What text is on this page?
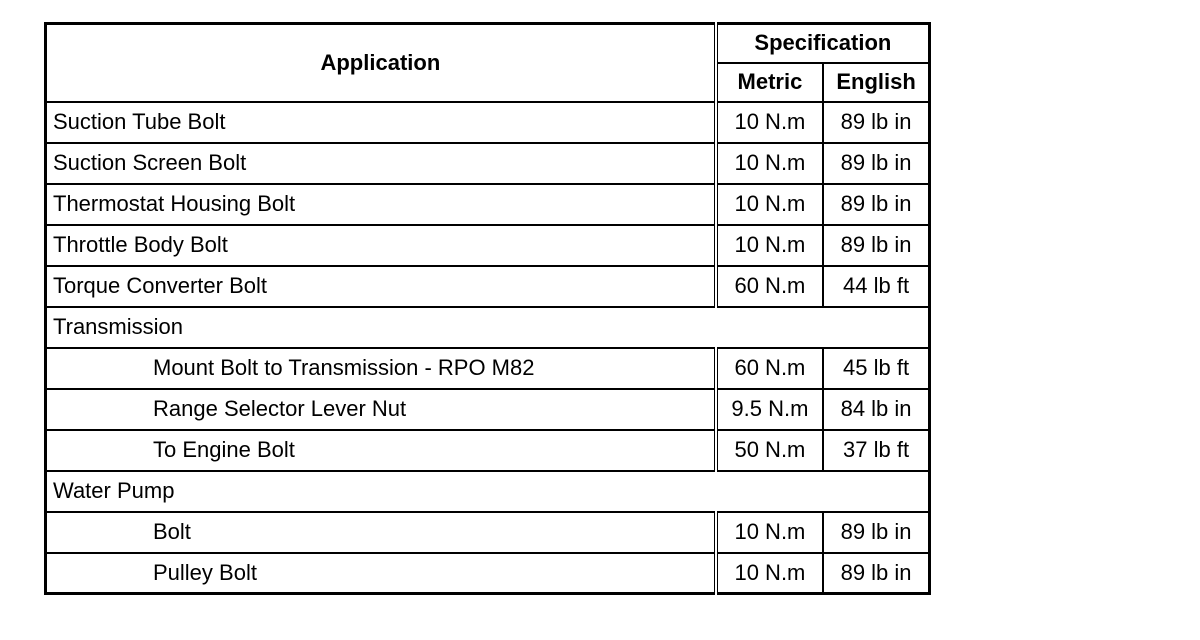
Application	Specification	
	Metric	English
Suction Tube Bolt	10 N.m	89 lb in
Suction Screen Bolt	10 N.m	89 lb in
Thermostat Housing Bolt	10 N.m	89 lb in
Throttle Body Bolt	10 N.m	89 lb in
Torque Converter Bolt	60 N.m	44 lb ft
Transmission		
Mount Bolt to Transmission - RPO M82	60 N.m	45 lb ft
Range Selector Lever Nut	9.5 N.m	84 lb in
To Engine Bolt	50 N.m	37 lb ft
Water Pump		
Bolt	10 N.m	89 lb in
Pulley Bolt	10 N.m	89 lb in
